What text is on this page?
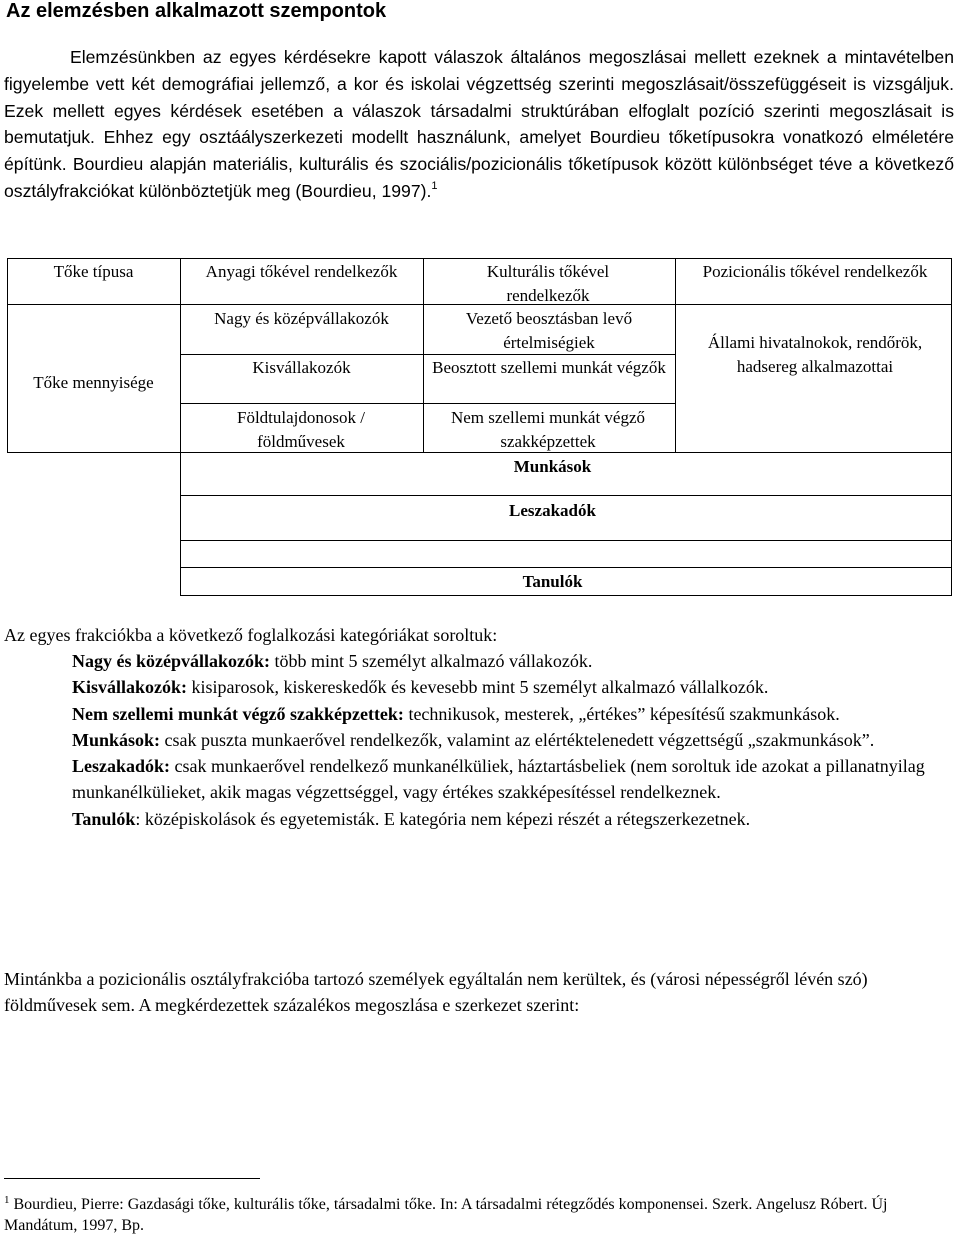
Az elemzésben alkalmazott szempontok
Elemzésünkben az egyes kérdésekre kapott válaszok általános megoszlásai mellett ezeknek a mintavételben figyelembe vett két demográfiai jellemző, a kor és iskolai végzettség szerinti megoszlásait/összefüggéseit is vizsgáljuk. Ezek mellett egyes kérdések esetében a válaszok társadalmi struktúrában elfoglalt pozíció szerinti megoszlásait is bemutatjuk. Ehhez egy osztáályszerkezeti modellt használunk, amelyet Bourdieu tőketípusokra vonatkozó elméletére építünk. Bourdieu alapján materiális, kulturális és szociális/pozicionális tőketípusok között különbséget téve a következő osztályfrakciókat különböztetjük meg (Bourdieu, 1997).$^1$
Tőke típusa	Anyagi tőkével rendelkezők	Kulturális tőkével rendelkezők
Pozicionális tőkével rendelkezők
Tőke mennyisége
Nagy és középvállakozók
Kisvállakozók
Földtulajdonosok / földművesek
Vezető beosztásban levő értelmiségiek
Beosztott szellemi munkát végzők
Nem szellemi munkát végző szakképzettek
Állami hivatalnokok, rendőrök, hadsereg alkalmazottai
Munkások
Leszakadók
Tanulók
Az egyes frakciókba a következő foglalkozási kategóriákat soroltuk:

Nagy és középvállakozók: több mint 5 személyt alkalmazó vállakozók.

Kisvállakozók: kisiparosok, kiskereskedők és kevesebb mint 5 személyt alkalmazó vállalkozók.

Nem szellemi munkát végző szakképzettek: technikusok, mesterek, „értékes” képesítésű szakmunkások.

Munkások: csak puszta munkaerővel rendelkezők, valamint az elértéktelenedett végzettségű „szakmunkások”.

Leszakadók: csak munkaerővel rendelkező munkanélküliek, háztartásbeliek (nem soroltuk ide azokat a pillanatnyilag munkanélkülieket, akik magas végzettséggel, vagy értékes szakképesítéssel rendelkeznek.

Tanulók: középiskolások és egyetemisták. E kategória nem képezi részét a rétegszerkezetnek.

Mintánkba a pozicionális osztályfrakcióba tartozó személyek egyáltalán nem kerültek, és (városi népességről lévén szó) földművesek sem. A megkérdezettek százalékos megoszlása e szerkezet szerint:
$^1$ Bourdieu, Pierre: Gazdasági tőke, kulturális tőke, társadalmi tőke. In: A társadalmi rétegződés komponensei. Szerk. Angelusz Róbert. Új Mandátum, 1997, Bp.
